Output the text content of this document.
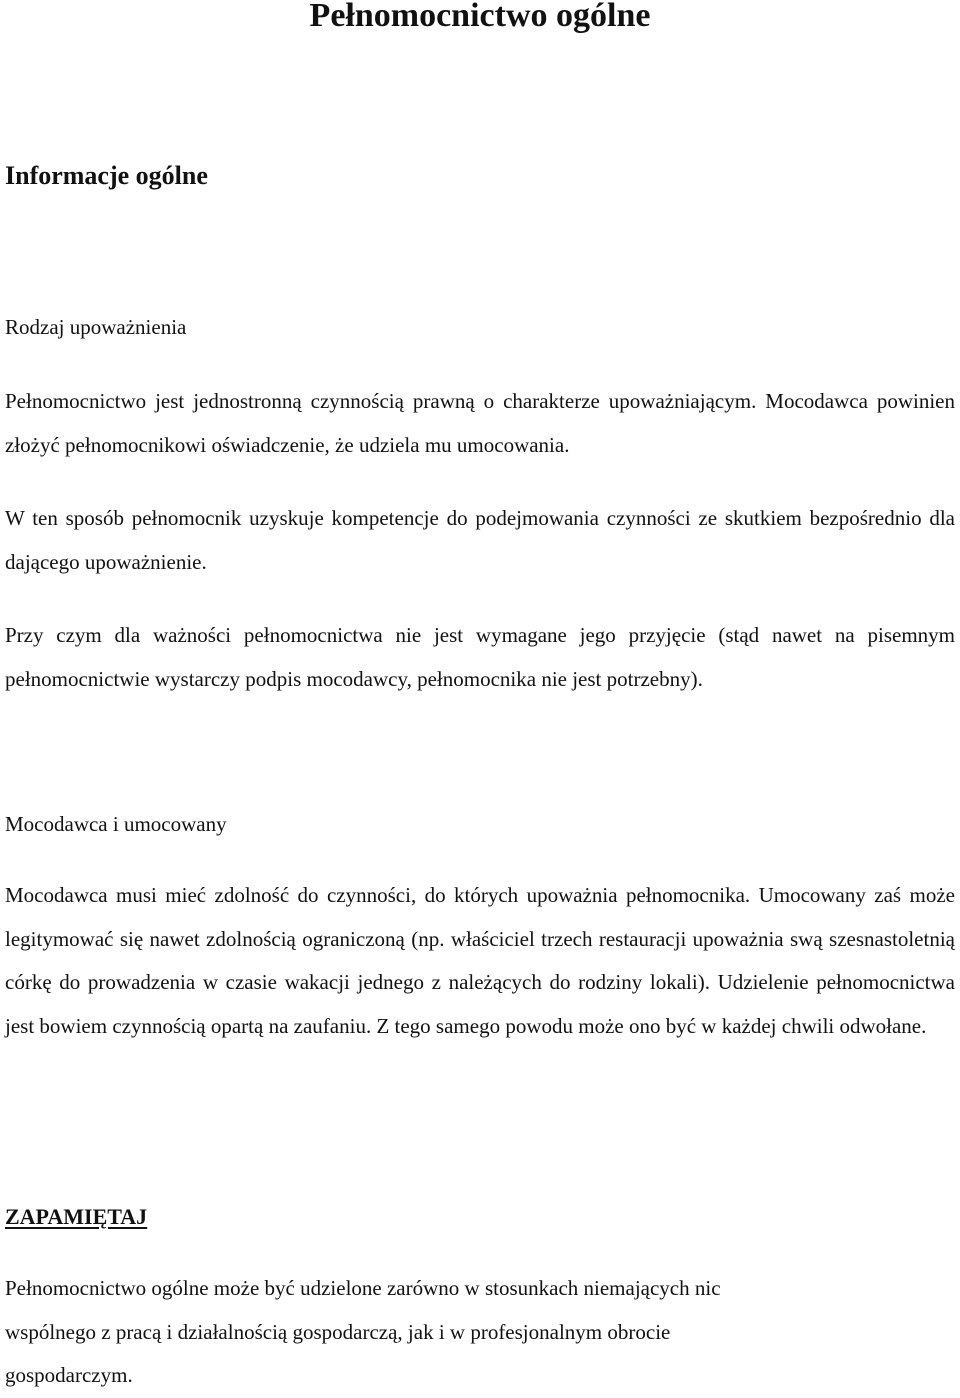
Pełnomocnictwo ogólne
Informacje ogólne

Rodzaj upoważnienia

Pełnomocnictwo jest jednostronną czynnością prawną o charakterze upoważniającym. Mocodawca powinien złożyć pełnomocnikowi oświadczenie, że udziela mu umocowania.

W ten sposób pełnomocnik uzyskuje kompetencje do podejmowania czynności ze skutkiem bezpośrednio dla dającego upoważnienie.

Przy czym dla ważności pełnomocnictwa nie jest wymagane jego przyjęcie (stąd nawet na pisemnym pełnomocnictwie wystarczy podpis mocodawcy, pełnomocnika nie jest potrzebny).

Mocodawca i umocowany

Mocodawca musi mieć zdolność do czynności, do których upoważnia pełnomocnika. Umocowany zaś może legitymować się nawet zdolnością ograniczoną (np. właściciel trzech restauracji upoważnia swą szesnastoletnią córkę do prowadzenia w czasie wakacji jednego z należących do rodziny lokali). Udzielenie pełnomocnictwa jest bowiem czynnością opartą na zaufaniu. Z tego samego powodu może ono być w każdej chwili odwołane.

ZAPAMIĘTAJ

Pełnomocnictwo ogólne może być udzielone zarówno w stosunkach niemających nic
wspólnego z pracą i działalnością gospodarczą, jak i w profesjonalnym obrocie
gospodarczym.
